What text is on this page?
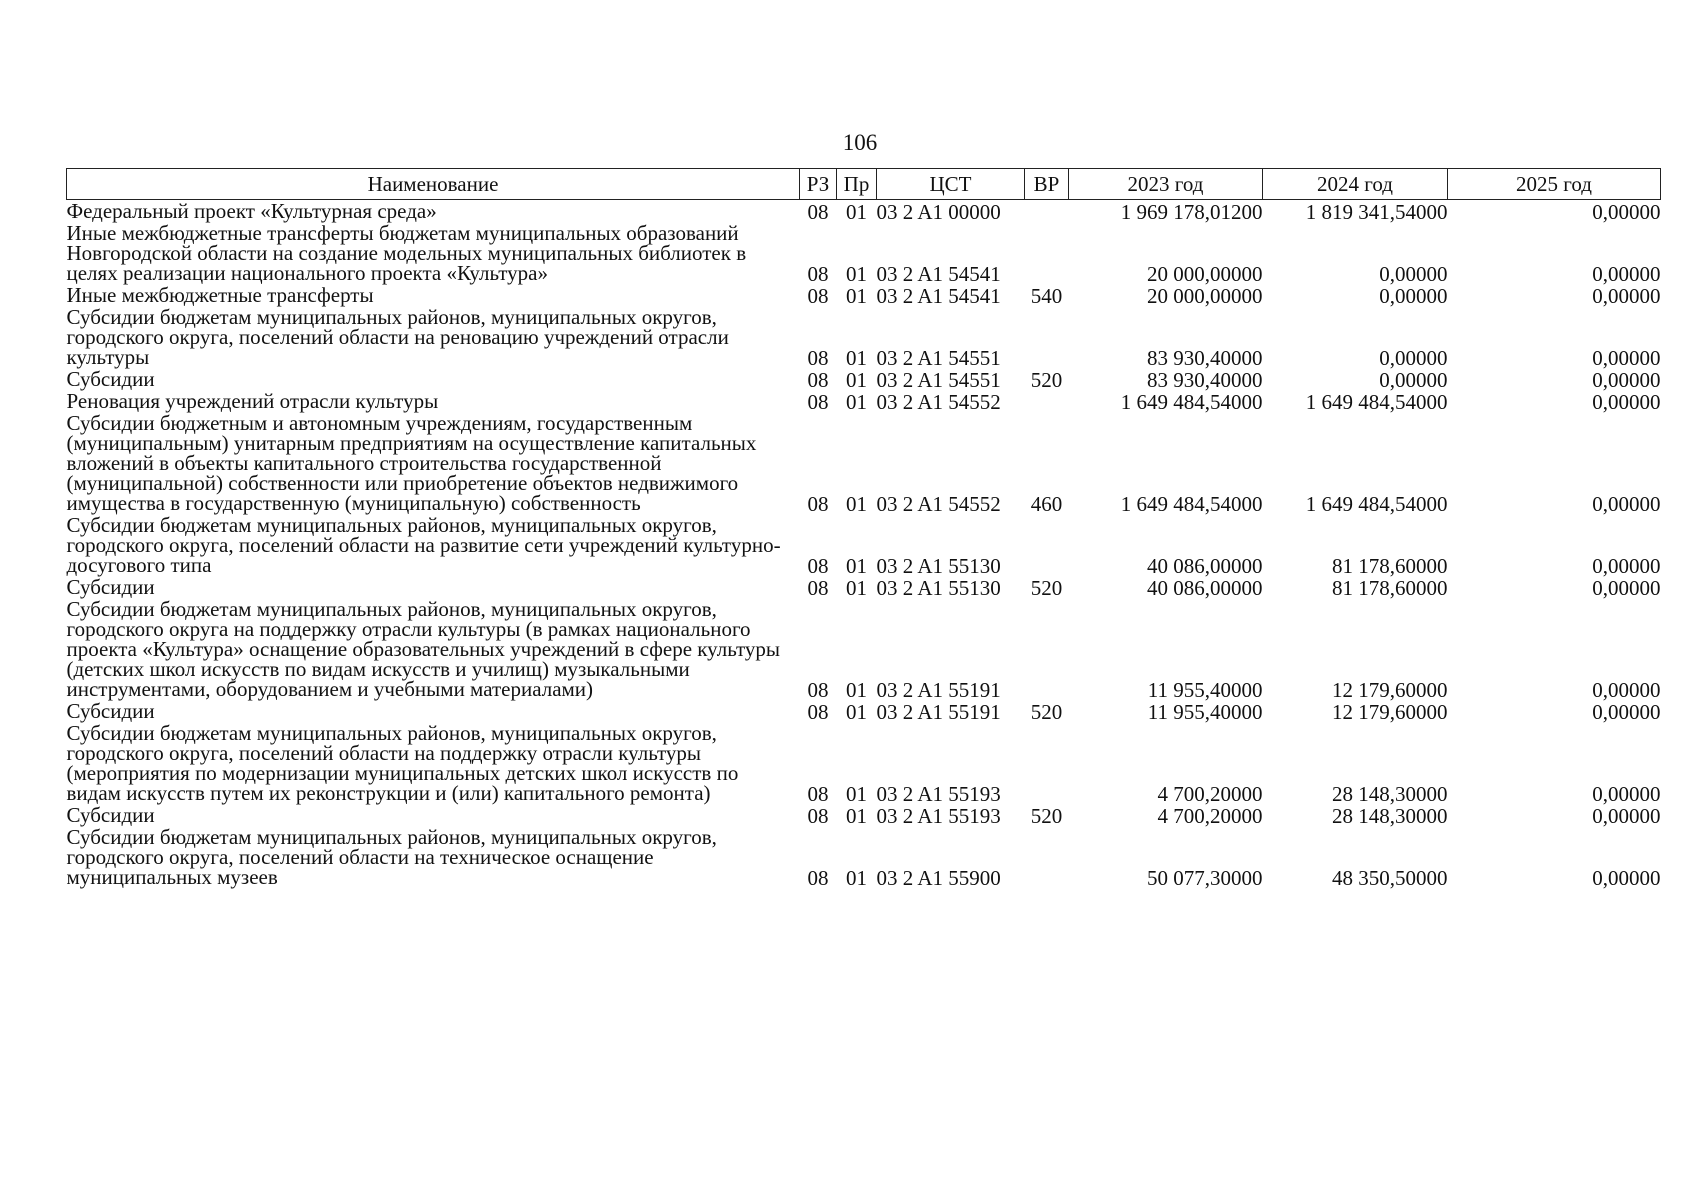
106
Наименование	РЗ	Пр	ЦСТ	ВР	2023 год	2024 год	2025 год
Федеральный проект «Культурная среда»	08	01	03 2 A1 00000		1 969 178,01200	1 819 341,54000	0,00000
Иные межбюджетные трансферты бюджетам муниципальных образований Новгородской области на создание модельных муниципальных библиотек в целях реализации национального проекта «Культура»	08	01	03 2 A1 54541		20 000,00000	0,00000	0,00000
Иные межбюджетные трансферты	08	01	03 2 A1 54541	540	20 000,00000	0,00000	0,00000
Субсидии бюджетам муниципальных районов, муниципальных округов, городского округа, поселений области на реновацию учреждений отрасли культуры	08	01	03 2 A1 54551		83 930,40000	0,00000	0,00000
Субсидии	08	01	03 2 A1 54551	520	83 930,40000	0,00000	0,00000
Реновация учреждений отрасли культуры	08	01	03 2 A1 54552		1 649 484,54000	1 649 484,54000	0,00000
Субсидии бюджетным и автономным учреждениям, государственным (муниципальным) унитарным предприятиям на осуществление капитальных вложений в объекты капитального строительства государственной (муниципальной) собственности или приобретение объектов недвижимого имущества в государственную (муниципальную) собственность	08	01	03 2 A1 54552	460	1 649 484,54000	1 649 484,54000	0,00000
Субсидии бюджетам муниципальных районов, муниципальных округов, городского округа, поселений области на развитие сети учреждений культурно-досугового типа	08	01	03 2 A1 55130		40 086,00000	81 178,60000	0,00000
Субсидии	08	01	03 2 A1 55130	520	40 086,00000	81 178,60000	0,00000
Субсидии бюджетам муниципальных районов, муниципальных округов, городского округа на поддержку отрасли культуры (в рамках национального проекта «Культура» оснащение образовательных учреждений в сфере культуры (детских школ искусств по видам искусств и училищ) музыкальными инструментами, оборудованием и учебными материалами)	08	01	03 2 A1 55191		11 955,40000	12 179,60000	0,00000
Субсидии	08	01	03 2 A1 55191	520	11 955,40000	12 179,60000	0,00000
Субсидии бюджетам муниципальных районов, муниципальных округов, городского округа, поселений области на поддержку отрасли культуры (мероприятия по модернизации муниципальных детских школ искусств по видам искусств путем их реконструкции и (или) капитального ремонта)	08	01	03 2 A1 55193		4 700,20000	28 148,30000	0,00000
Субсидии	08	01	03 2 A1 55193	520	4 700,20000	28 148,30000	0,00000
Субсидии бюджетам муниципальных районов, муниципальных округов, городского округа, поселений области на техническое оснащение муниципальных музеев	08	01	03 2 A1 55900		50 077,30000	48 350,50000	0,00000
